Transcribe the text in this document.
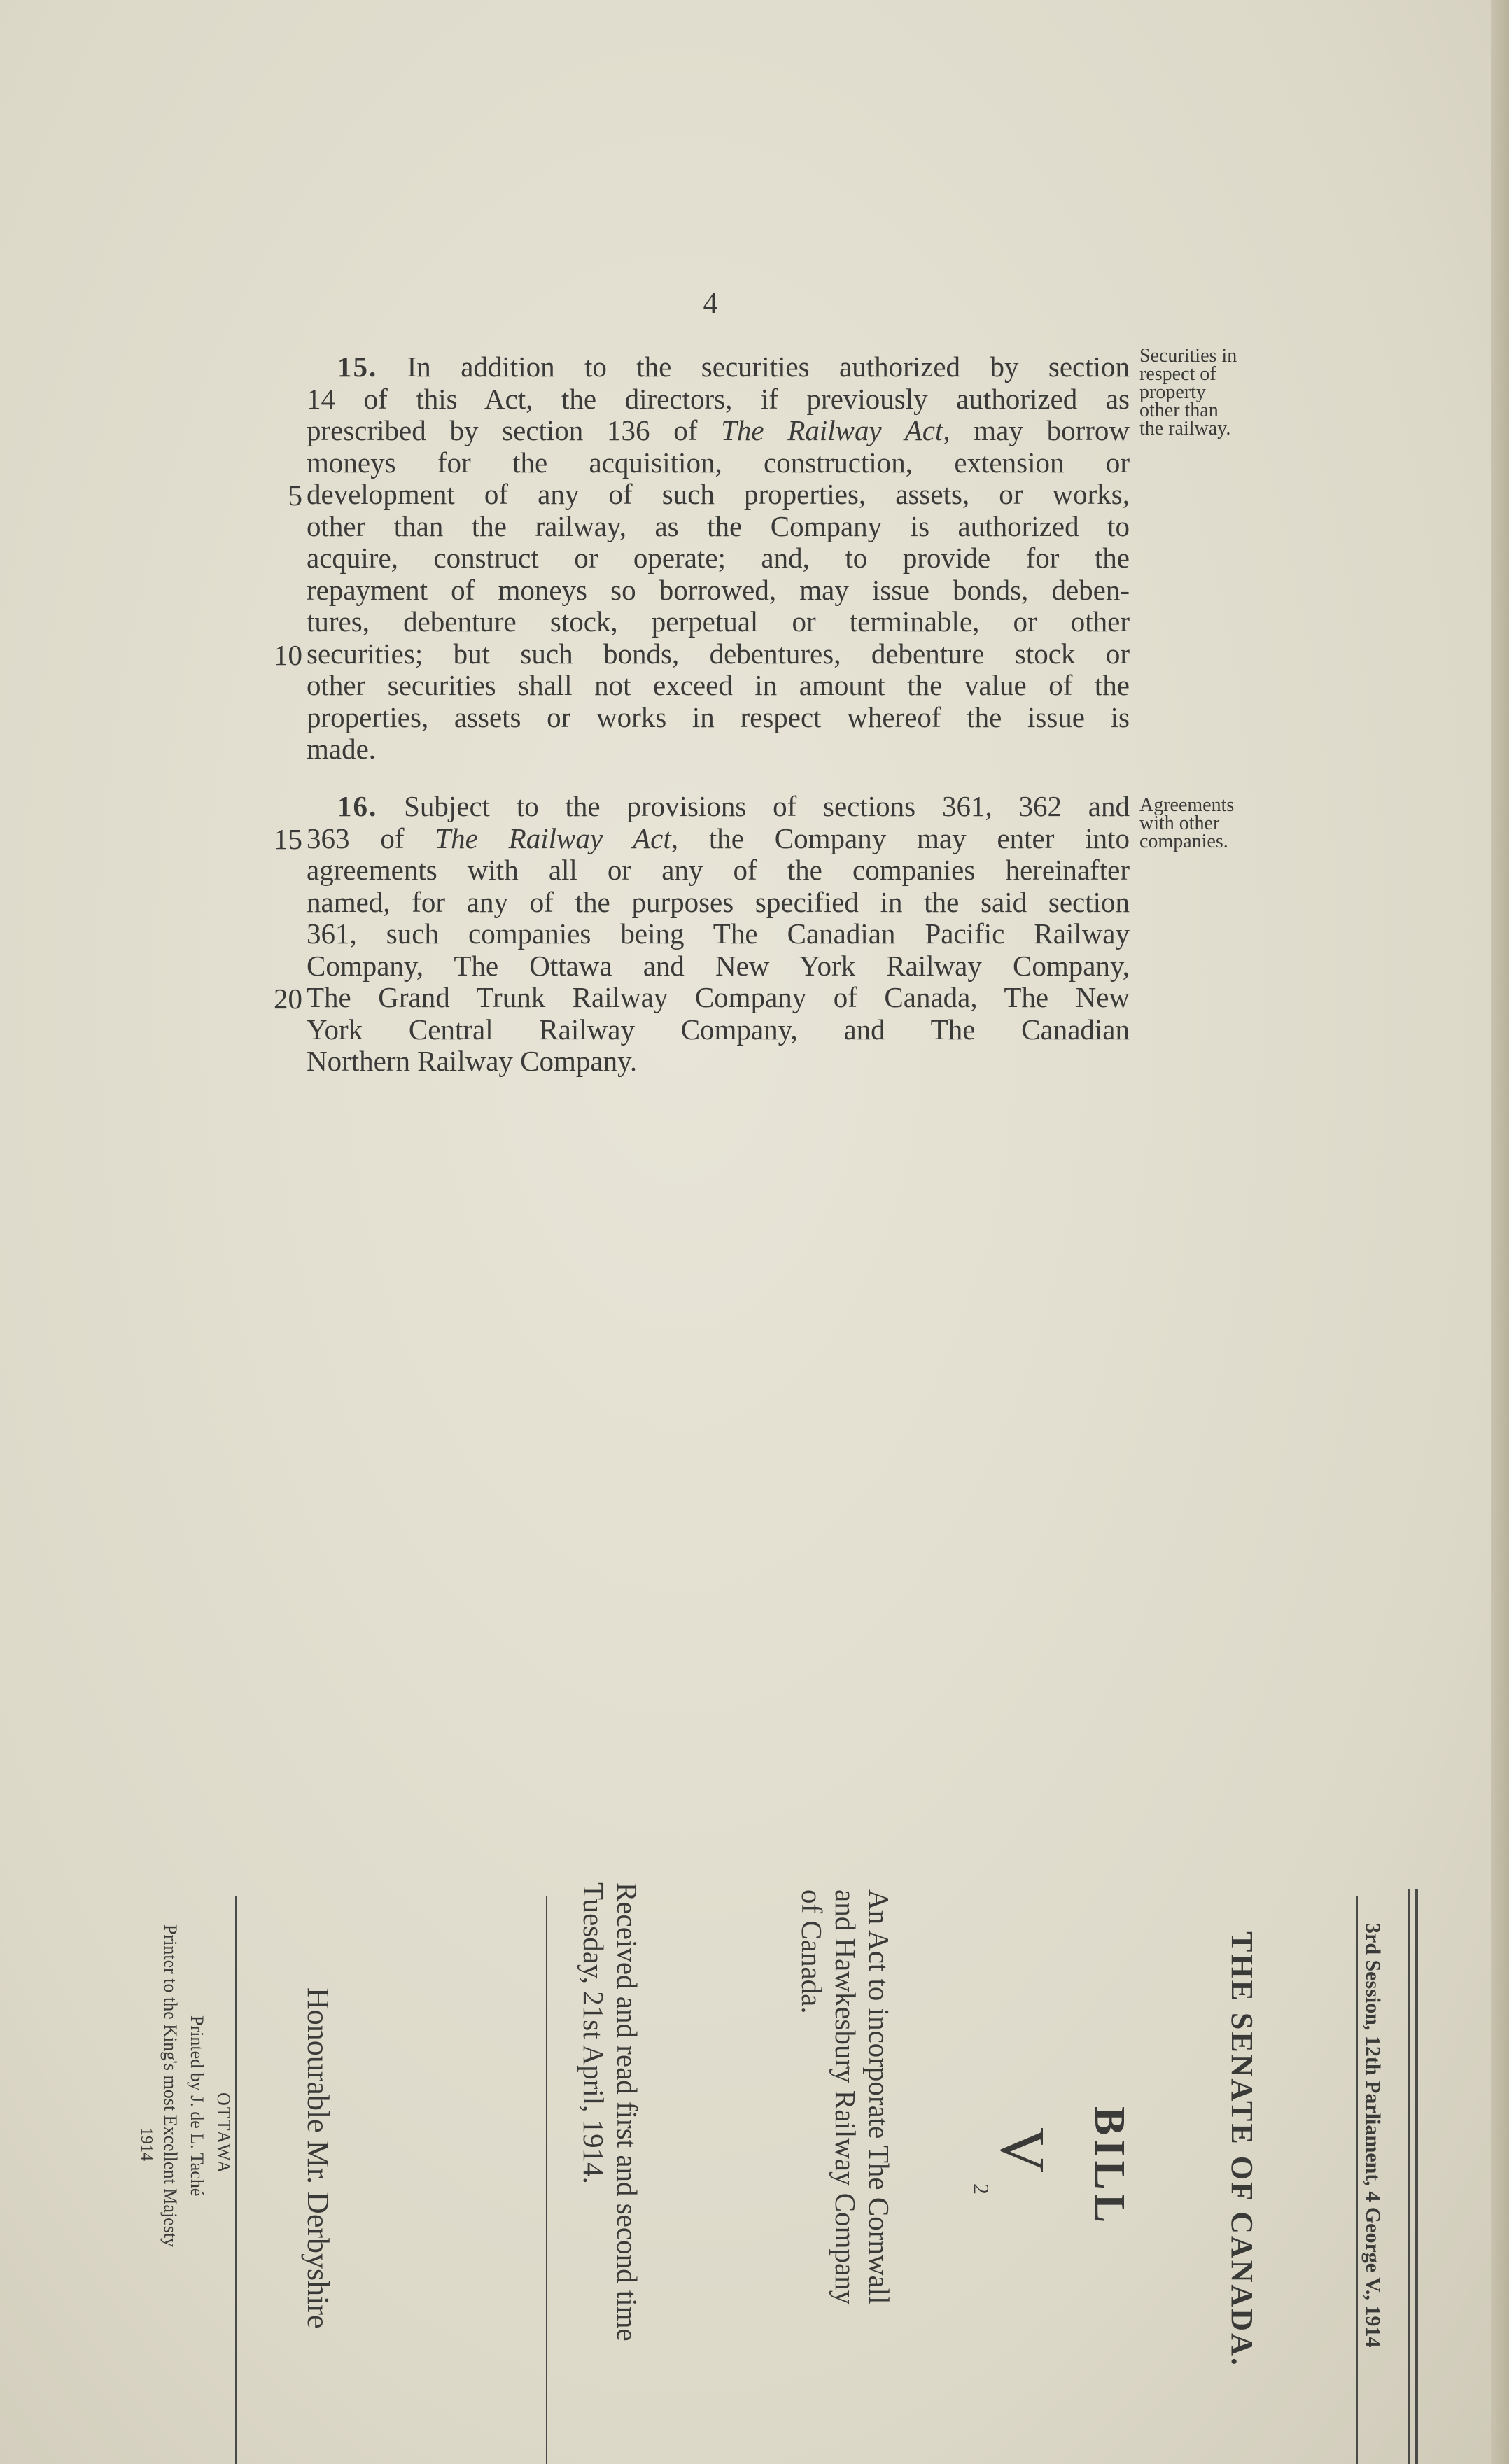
4
15. In addition to the securities authorized by section
14 of this Act, the directors, if previously authorized as
prescribed by section 136 of The Railway Act, may borrow
moneys for the acquisition, construction, extension or
development of any of such properties, assets, or works,
other than the railway, as the Company is authorized to
acquire, construct or operate; and, to provide for the
repayment of moneys so borrowed, may issue bonds, deben-
tures, debenture stock, perpetual or terminable, or other
securities; but such bonds, debentures, debenture stock or
other securities shall not exceed in amount the value of the
properties, assets or works in respect whereof the issue is
made.
5
10
Securities in
respect of
property
other than
the railway.
16. Subject to the provisions of sections 361, 362 and
363 of The Railway Act, the Company may enter into
agreements with all or any of the companies hereinafter
named, for any of the purposes specified in the said section
361, such companies being The Canadian Pacific Railway
Company, The Ottawa and New York Railway Company,
The Grand Trunk Railway Company of Canada, The New
York Central Railway Company, and The Canadian
Northern Railway Company.
15
20
Agreements
with other
companies.
3rd Session, 12th Parliament, 4 George V., 1914
THE SENATE OF CANADA.
BILL
V
2
An Act to incorporate The Cornwall
and Hawkesbury Railway Company
of Canada.
Received and read first and second time
Tuesday, 21st April, 1914.
Honourable Mr. Derbyshire
OTTAWA
Printed by J. de L. Taché
Printer to the King's most Excellent Majesty
1914
